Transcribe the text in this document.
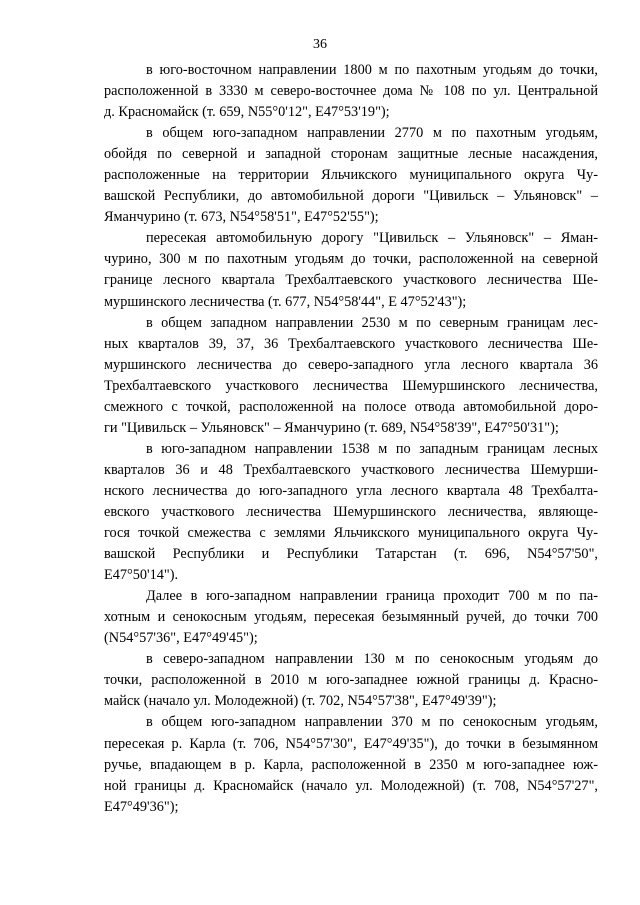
36
в юго-восточном направлении 1800 м по пахотным угодьям до точки,
расположенной в 3330 м северо-восточнее дома № 108 по ул. Центральной
д. Красномайск (т. 659, N55°0'12", E47°53'19");
в общем юго-западном направлении 2770 м по пахотным угодьям,
обойдя по северной и западной сторонам защитные лесные насаждения,
расположенные на территории Яльчикского муниципального округа Чу-
вашской Республики, до автомобильной дороги "Цивильск – Ульяновск" –
Яманчурино (т. 673, N54°58'51", E47°52'55");
пересекая автомобильную дорогу "Цивильск – Ульяновск" – Яман-
чурино, 300 м по пахотным угодьям до точки, расположенной на северной
границе лесного квартала Трехбалтаевского участкового лесничества Ше-
муршинского лесничества (т. 677, N54°58'44", E 47°52'43");
в общем западном направлении 2530 м по северным границам лес-
ных кварталов 39, 37, 36 Трехбалтаевского участкового лесничества Ше-
муршинского лесничества до северо-западного угла лесного квартала 36
Трехбалтаевского участкового лесничества Шемуршинского лесничества,
смежного с точкой, расположенной на полосе отвода автомобильной доро-
ги "Цивильск – Ульяновск" – Яманчурино (т. 689, N54°58'39", E47°50'31");
в юго-западном направлении 1538 м по западным границам лесных
кварталов 36 и 48 Трехбалтаевского участкового лесничества Шемурши-
нского лесничества до юго-западного угла лесного квартала 48 Трехбалта-
евского участкового лесничества Шемуршинского лесничества, являюще-
гося точкой смежества с землями Яльчикского муниципального округа Чу-
вашской Республики и Республики Татарстан (т. 696, N54°57'50",
E47°50'14").
Далее в юго-западном направлении граница проходит 700 м по па-
хотным и сенокосным угодьям, пересекая безымянный ручей, до точки 700
(N54°57'36", E47°49'45");
в северо-западном направлении 130 м по сенокосным угодьям до
точки, расположенной в 2010 м юго-западнее южной границы д. Красно-
майск (начало ул. Молодежной) (т. 702, N54°57'38", E47°49'39");
в общем юго-западном направлении 370 м по сенокосным угодьям,
пересекая р. Карла (т. 706, N54°57'30", E47°49'35"), до точки в безымянном
ручье, впадающем в р. Карла, расположенной в 2350 м юго-западнее юж-
ной границы д. Красномайск (начало ул. Молодежной) (т. 708, N54°57'27",
E47°49'36");
